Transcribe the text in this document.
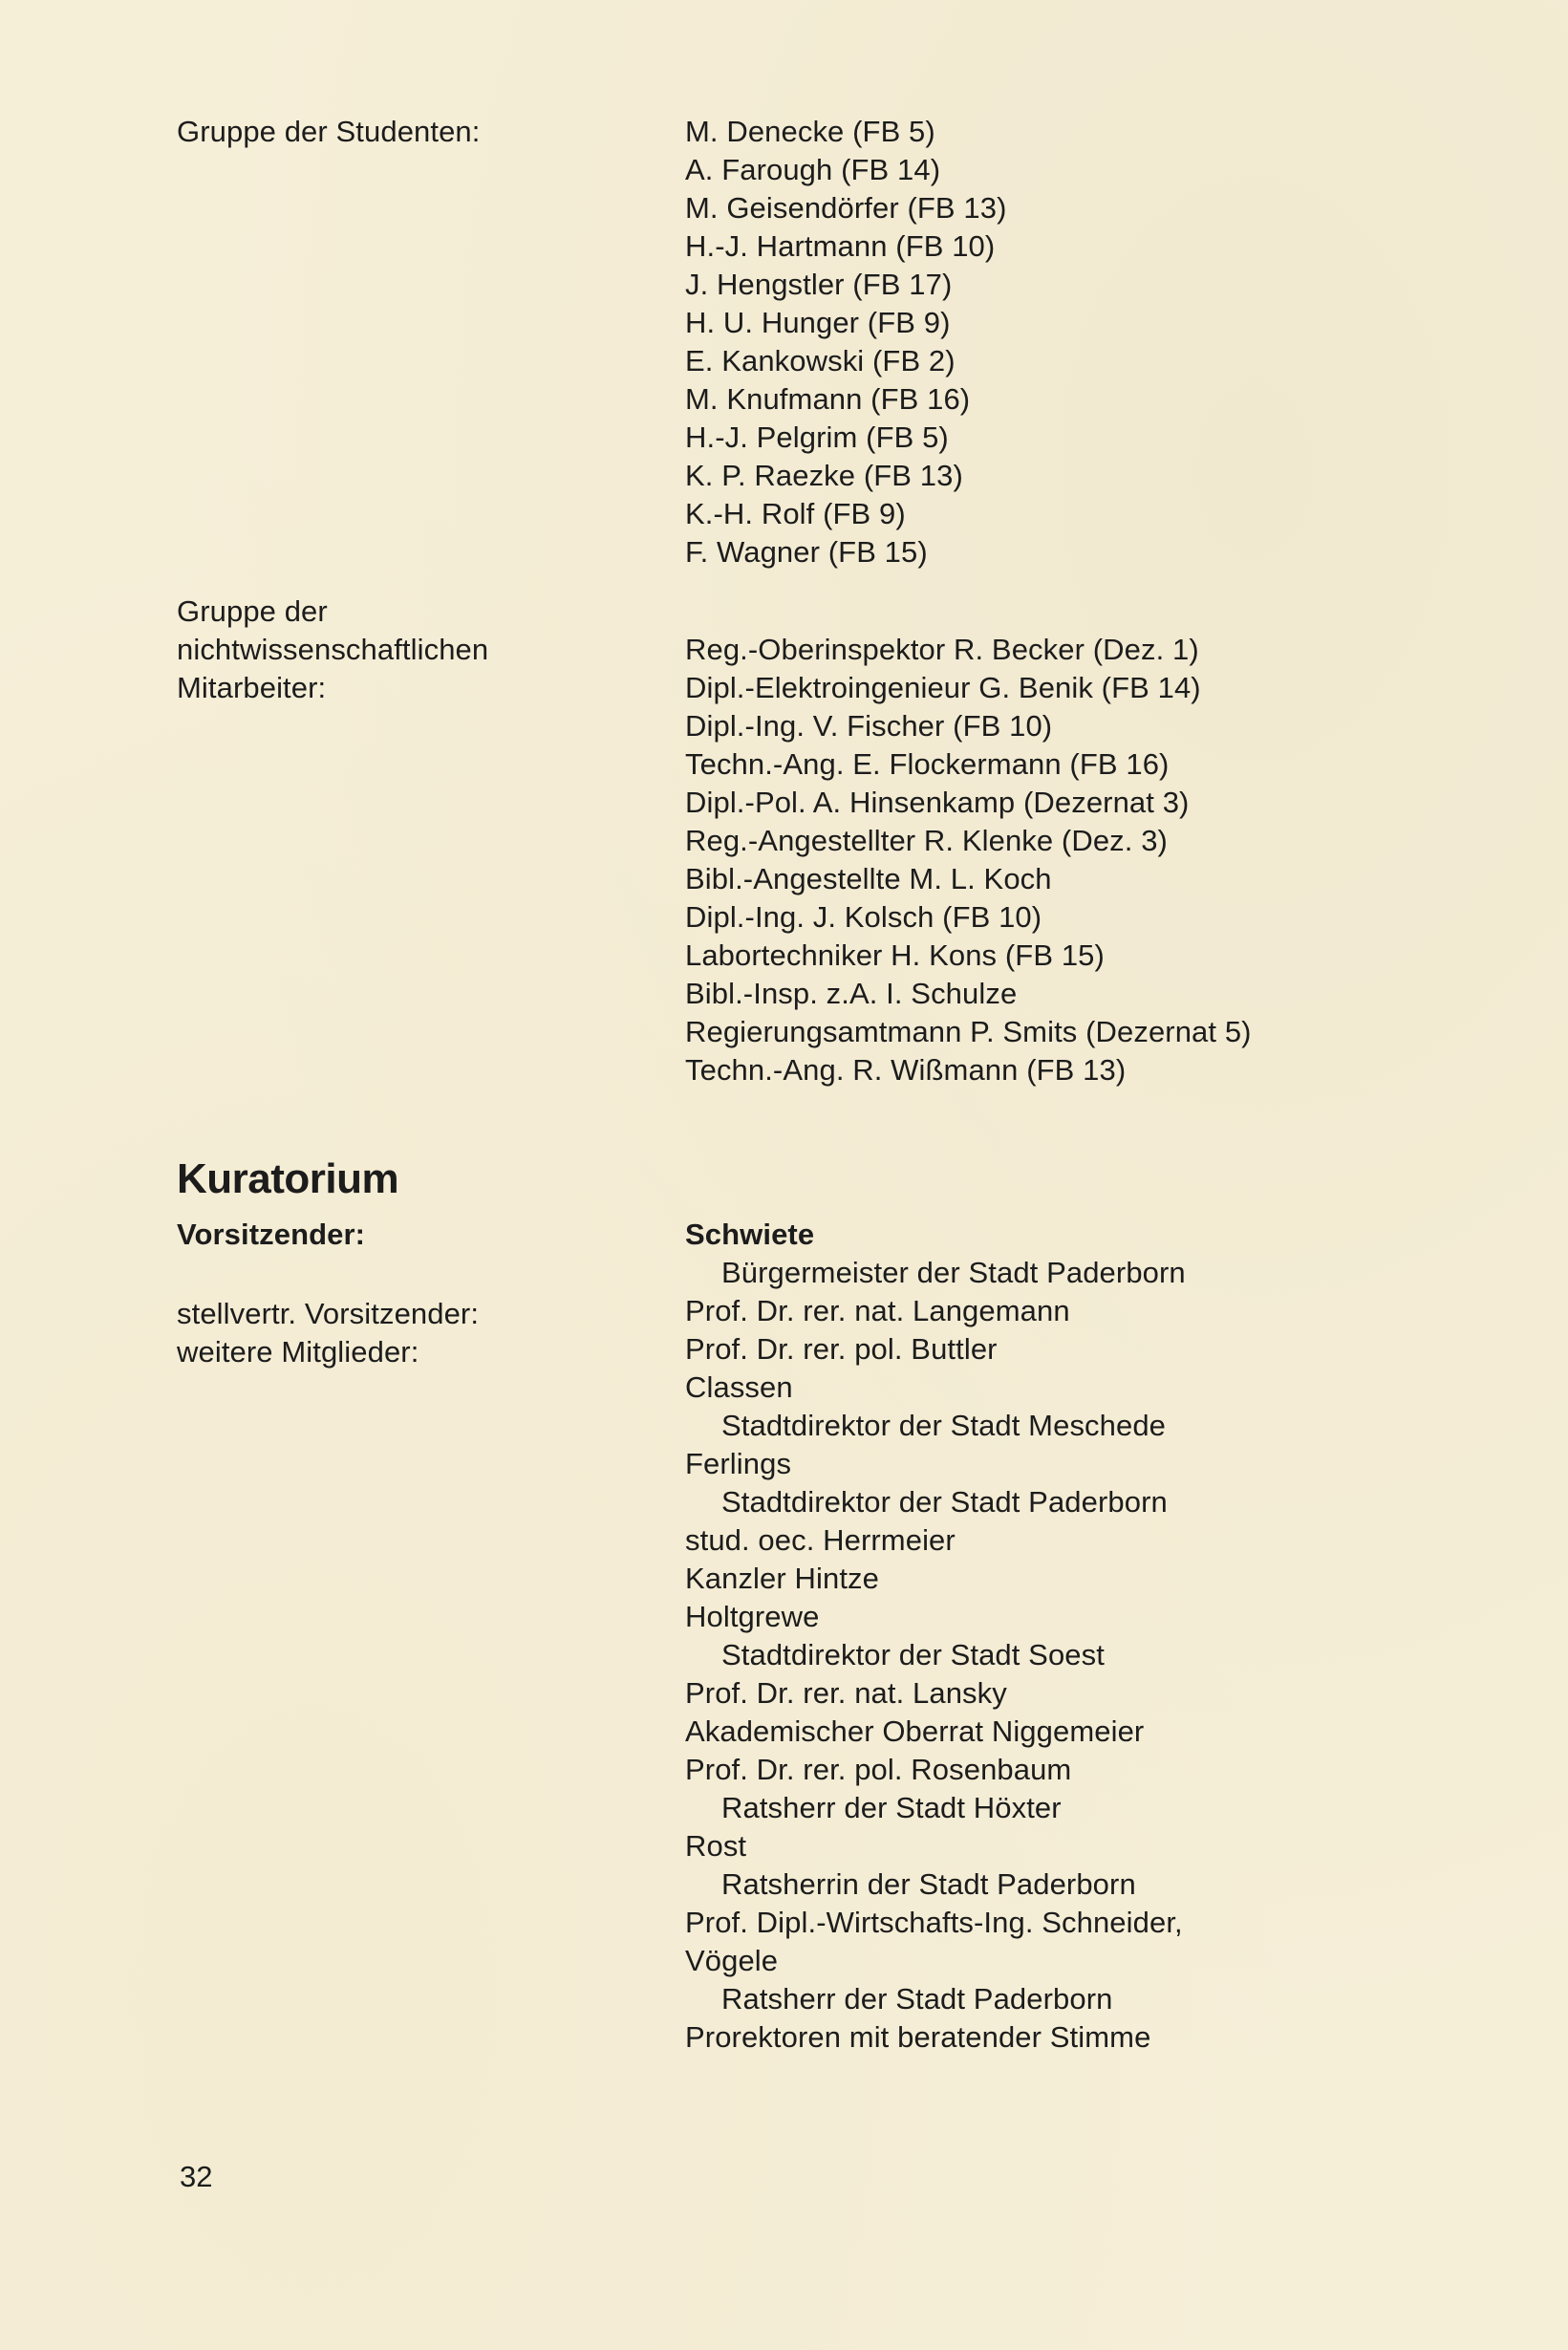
Gruppe der Studenten:	M. Denecke (FB 5)
A. Farough (FB 14)
M. Geisendörfer (FB 13)
H.-J. Hartmann (FB 10)
J. Hengstler (FB 17)
H. U. Hunger (FB 9)
E. Kankowski (FB 2)
M. Knufmann (FB 16)
H.-J. Pelgrim (FB 5)
K. P. Raezke (FB 13)
K.-H. Rolf (FB 9)
F. Wagner (FB 15)
Gruppe der
nichtwissenschaftlichen
Mitarbeiter:
Reg.-Oberinspektor R. Becker (Dez. 1)
Dipl.-Elektroingenieur G. Benik (FB 14)
Dipl.-Ing. V. Fischer (FB 10)
Techn.-Ang. E. Flockermann (FB 16)
Dipl.-Pol. A. Hinsenkamp (Dezernat 3)
Reg.-Angestellter R. Klenke (Dez. 3)
Bibl.-Angestellte M. L. Koch
Dipl.-Ing. J. Kolsch (FB 10)
Labortechniker H. Kons (FB 15)
Bibl.-Insp. z.A. I. Schulze
Regierungsamtmann P. Smits (Dezernat 5)
Techn.-Ang. R. Wißmann (FB 13)
Kuratorium
Vorsitzender:
stellvertr. Vorsitzender:
weitere Mitglieder:
Schwiete
Bürgermeister der Stadt Paderborn
Prof. Dr. rer. nat. Langemann
Prof. Dr. rer. pol. Buttler
Classen
Stadtdirektor der Stadt Meschede
Ferlings
Stadtdirektor der Stadt Paderborn
stud. oec. Herrmeier
Kanzler Hintze
Holtgrewe
Stadtdirektor der Stadt Soest
Prof. Dr. rer. nat. Lansky
Akademischer Oberrat Niggemeier
Prof. Dr. rer. pol. Rosenbaum
Ratsherr der Stadt Höxter
Rost
Ratsherrin der Stadt Paderborn
Prof. Dipl.-Wirtschafts-Ing. Schneider,
Vögele
Ratsherr der Stadt Paderborn
Prorektoren mit beratender Stimme
32
